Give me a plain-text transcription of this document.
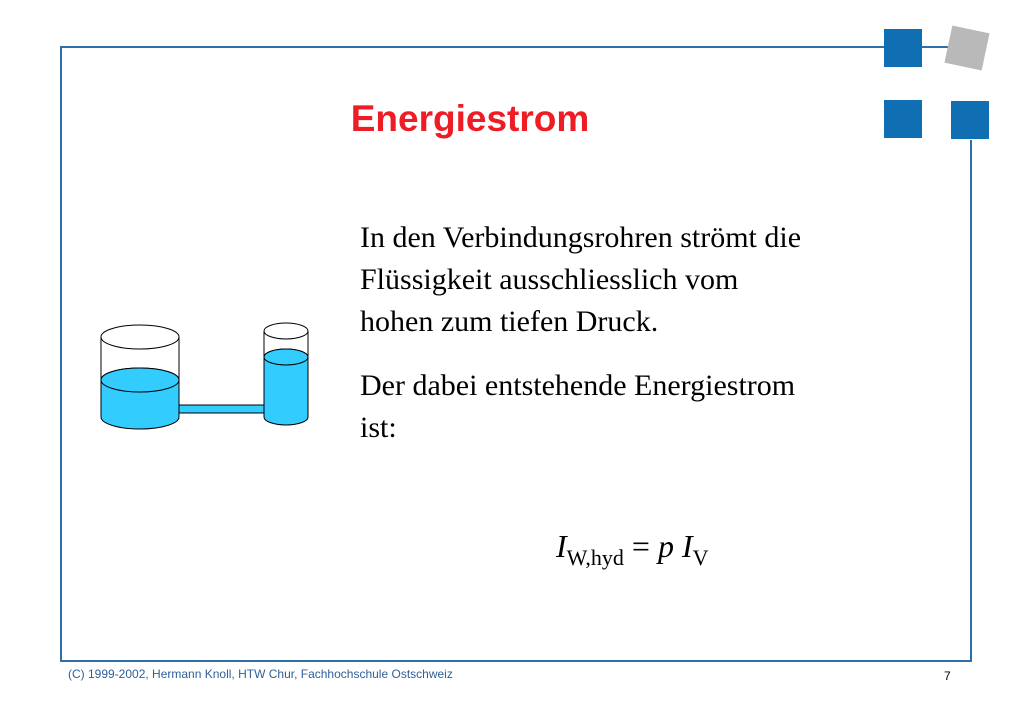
Energiestrom

In den Verbindungsrohren strömt die
Flüssigkeit ausschliesslich vom
hohen zum tiefen Druck.

Der dabei entstehende Energiestrom
ist:

$I_{W,hyd} = p$ $I_V$
(C) 1999-2002, Hermann Knoll, HTW Chur, Fachhochschule Ostschweiz	7
